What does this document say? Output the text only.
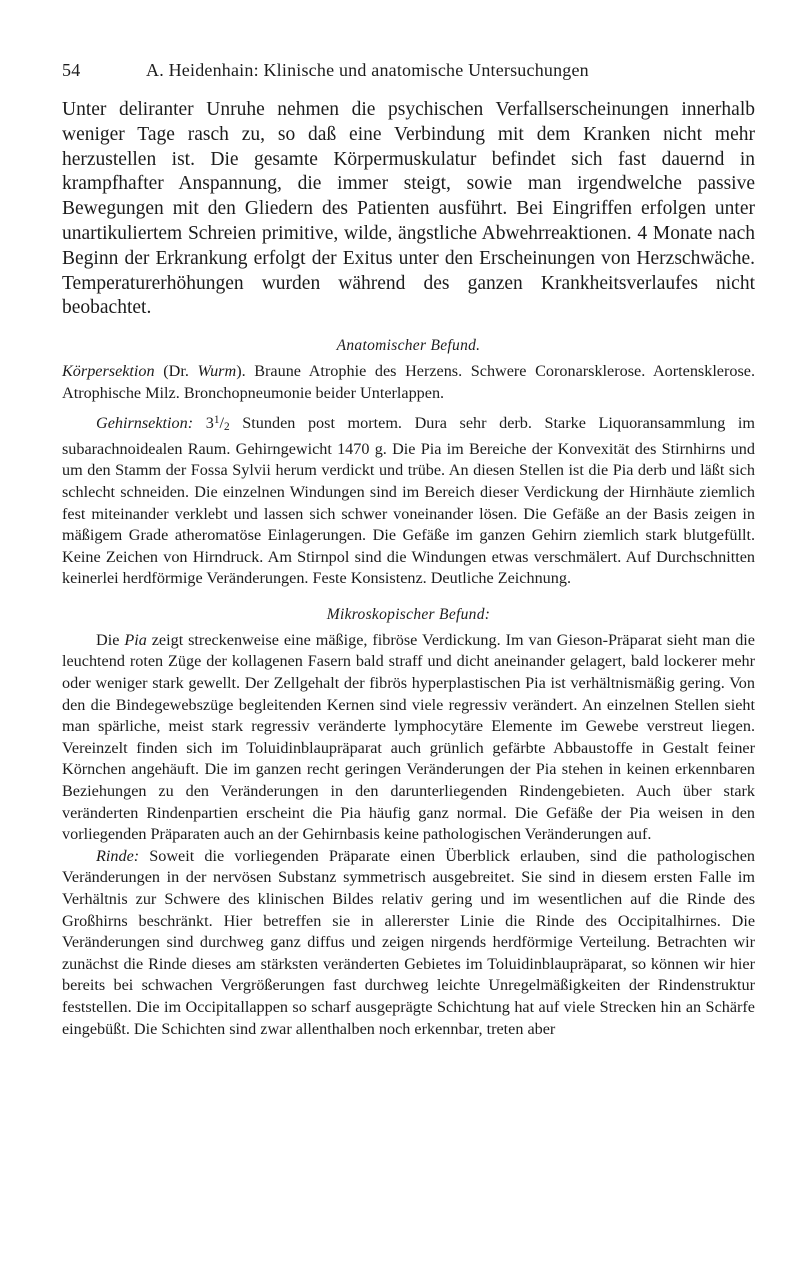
54	A. Heidenhain: Klinische und anatomische Untersuchungen

Unter deliranter Unruhe nehmen die psychischen Verfallserscheinungen innerhalb weniger Tage rasch zu, so daß eine Verbindung mit dem Kranken nicht mehr herzustellen ist. Die gesamte Körpermuskulatur befindet sich fast dauernd in krampfhafter Anspannung, die immer steigt, sowie man irgendwelche passive Bewegungen mit den Gliedern des Patienten ausführt. Bei Eingriffen erfolgen unter unartikuliertem Schreien primitive, wilde, ängstliche Abwehrreaktionen. 4 Monate nach Beginn der Erkrankung erfolgt der Exitus unter den Erscheinungen von Herzschwäche. Temperaturerhöhungen wurden während des ganzen Krankheitsverlaufes nicht beobachtet.

Anatomischer Befund.

Körpersektion (Dr. Wurm). Braune Atrophie des Herzens. Schwere Coronarsklerose. Aortensklerose. Atrophische Milz. Bronchopneumonie beider Unterlappen.

Gehirnsektion: $3^1/_2$ Stunden post mortem. Dura sehr derb. Starke Liquoransammlung im subarachnoidealen Raum. Gehirngewicht 1470 g. Die Pia im Bereiche der Konvexität des Stirnhirns und um den Stamm der Fossa Sylvii herum verdickt und trübe. An diesen Stellen ist die Pia derb und läßt sich schlecht schneiden. Die einzelnen Windungen sind im Bereich dieser Verdickung der Hirnhäute ziemlich fest miteinander verklebt und lassen sich schwer voneinander lösen. Die Gefäße an der Basis zeigen in mäßigem Grade atheromatöse Einlagerungen. Die Gefäße im ganzen Gehirn ziemlich stark blutgefüllt. Keine Zeichen von Hirndruck. Am Stirnpol sind die Windungen etwas verschmälert. Auf Durchschnitten keinerlei herdförmige Veränderungen. Feste Konsistenz. Deutliche Zeichnung.

Mikroskopischer Befund:

Die Pia zeigt streckenweise eine mäßige, fibröse Verdickung. Im van Gieson-Präparat sieht man die leuchtend roten Züge der kollagenen Fasern bald straff und dicht aneinander gelagert, bald lockerer mehr oder weniger stark gewellt. Der Zellgehalt der fibrös hyperplastischen Pia ist verhältnismäßig gering. Von den die Bindegewebszüge begleitenden Kernen sind viele regressiv verändert. An einzelnen Stellen sieht man spärliche, meist stark regressiv veränderte lymphocytäre Elemente im Gewebe verstreut liegen. Vereinzelt finden sich im Toluidinblaupräparat auch grünlich gefärbte Abbaustoffe in Gestalt feiner Körnchen angehäuft. Die im ganzen recht geringen Veränderungen der Pia stehen in keinen erkennbaren Beziehungen zu den Veränderungen in den darunterliegenden Rindengebieten. Auch über stark veränderten Rindenpartien erscheint die Pia häufig ganz normal. Die Gefäße der Pia weisen in den vorliegenden Präparaten auch an der Gehirnbasis keine pathologischen Veränderungen auf.

Rinde: Soweit die vorliegenden Präparate einen Überblick erlauben, sind die pathologischen Veränderungen in der nervösen Substanz symmetrisch ausgebreitet. Sie sind in diesem ersten Falle im Verhältnis zur Schwere des klinischen Bildes relativ gering und im wesentlichen auf die Rinde des Großhirns beschränkt. Hier betreffen sie in allererster Linie die Rinde des Occipitalhirnes. Die Veränderungen sind durchweg ganz diffus und zeigen nirgends herdförmige Verteilung. Betrachten wir zunächst die Rinde dieses am stärksten veränderten Gebietes im Toluidinblaupräparat, so können wir hier bereits bei schwachen Vergrößerungen fast durchweg leichte Unregelmäßigkeiten der Rindenstruktur feststellen. Die im Occipitallappen so scharf ausgeprägte Schichtung hat auf viele Strecken hin an Schärfe eingebüßt. Die Schichten sind zwar allenthalben noch erkennbar, treten aber
